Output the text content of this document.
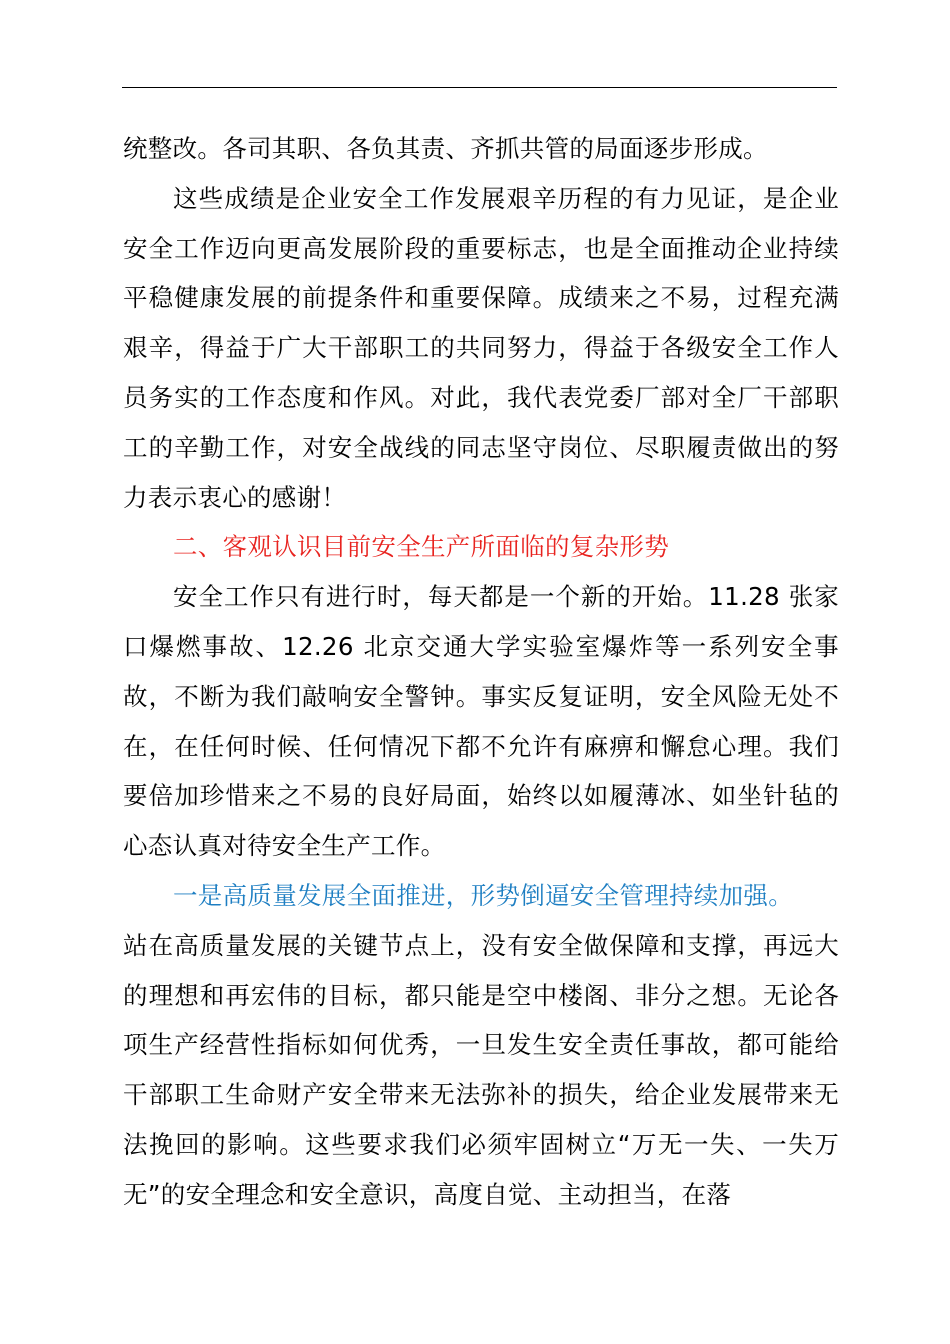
统整改。各司其职、各负其责、齐抓共管的局面逐步形成。

这些成绩是企业安全工作发展艰辛历程的有力见证，是企业安全工作迈向更高发展阶段的重要标志，也是全面推动企业持续平稳健康发展的前提条件和重要保障。成绩来之不易，过程充满艰辛，得益于广大干部职工的共同努力，得益于各级安全工作人员务实的工作态度和作风。对此，我代表党委厂部对全厂干部职工的辛勤工作，对安全战线的同志坚守岗位、尽职履责做出的努力表示衷心的感谢！

二、客观认识目前安全生产所面临的复杂形势

安全工作只有进行时，每天都是一个新的开始。11.28 张家口爆燃事故、12.26 北京交通大学实验室爆炸等一系列安全事故，不断为我们敲响安全警钟。事实反复证明，安全风险无处不在，在任何时候、任何情况下都不允许有麻痹和懈怠心理。我们要倍加珍惜来之不易的良好局面，始终以如履薄冰、如坐针毡的心态认真对待安全生产工作。

一是高质量发展全面推进，形势倒逼安全管理持续加强。

站在高质量发展的关键节点上，没有安全做保障和支撑，再远大的理想和再宏伟的目标，都只能是空中楼阁、非分之想。无论各项生产经营性指标如何优秀，一旦发生安全责任事故，都可能给干部职工生命财产安全带来无法弥补的损失，给企业发展带来无法挽回的影响。这些要求我们必须牢固树立“万无一失、一失万无”的安全理念和安全意识，高度自觉、主动担当，在落
